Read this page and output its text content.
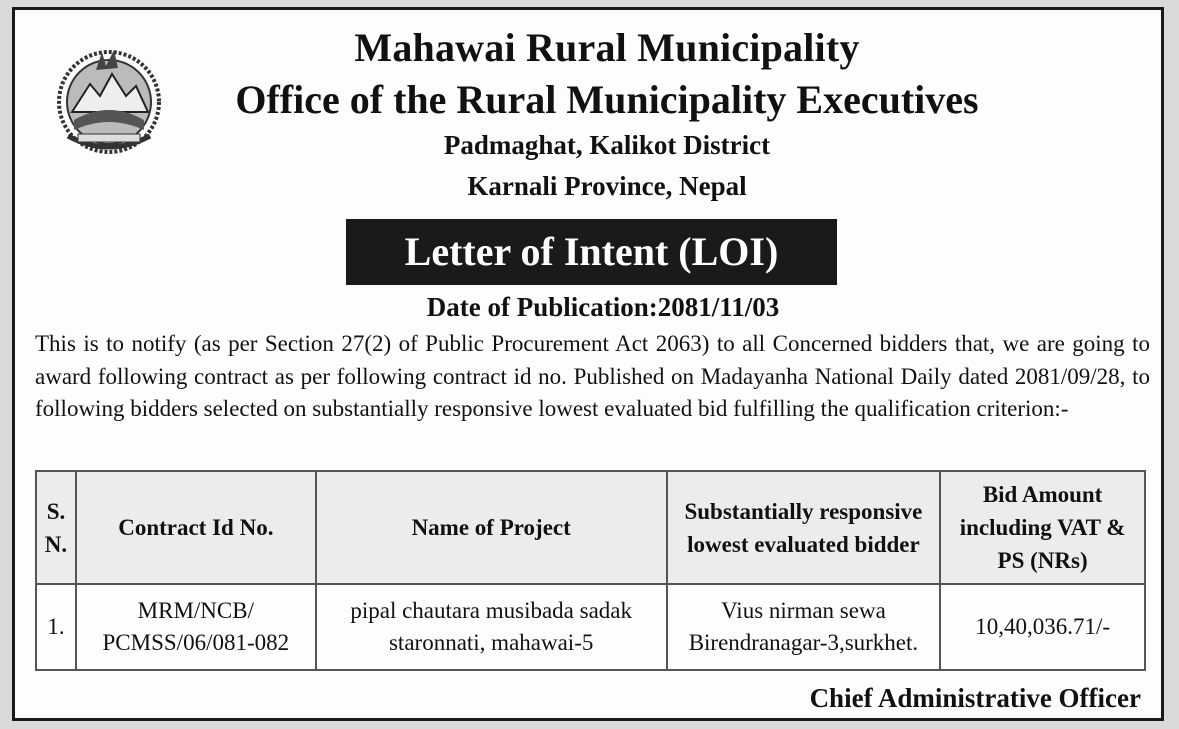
Mahawai Rural Municipality
Office of the Rural Municipality Executives
Padmaghat, Kalikot District
Karnali Province, Nepal
Letter of Intent (LOI)
Date of Publication:2081/11/03
This is to notify (as per Section 27(2) of Public Procurement Act 2063) to all Concerned bidders that, we are going to award following contract as per following contract id no. Published on Madayanha National Daily dated 2081/09/28, to following bidders selected on substantially responsive lowest evaluated bid fulfilling the qualification criterion:-
S. N.	Contract Id No.	Name of Project	Substantially responsive lowest evaluated bidder	Bid Amount including VAT & PS (NRs)
1.	MRM/NCB/ PCMSS/06/081-082	pipal chautara musibada sadak staronnati, mahawai-5	Vius nirman sewa Birendranagar-3,surkhet.	10,40,036.71/-
Chief Administrative Officer
